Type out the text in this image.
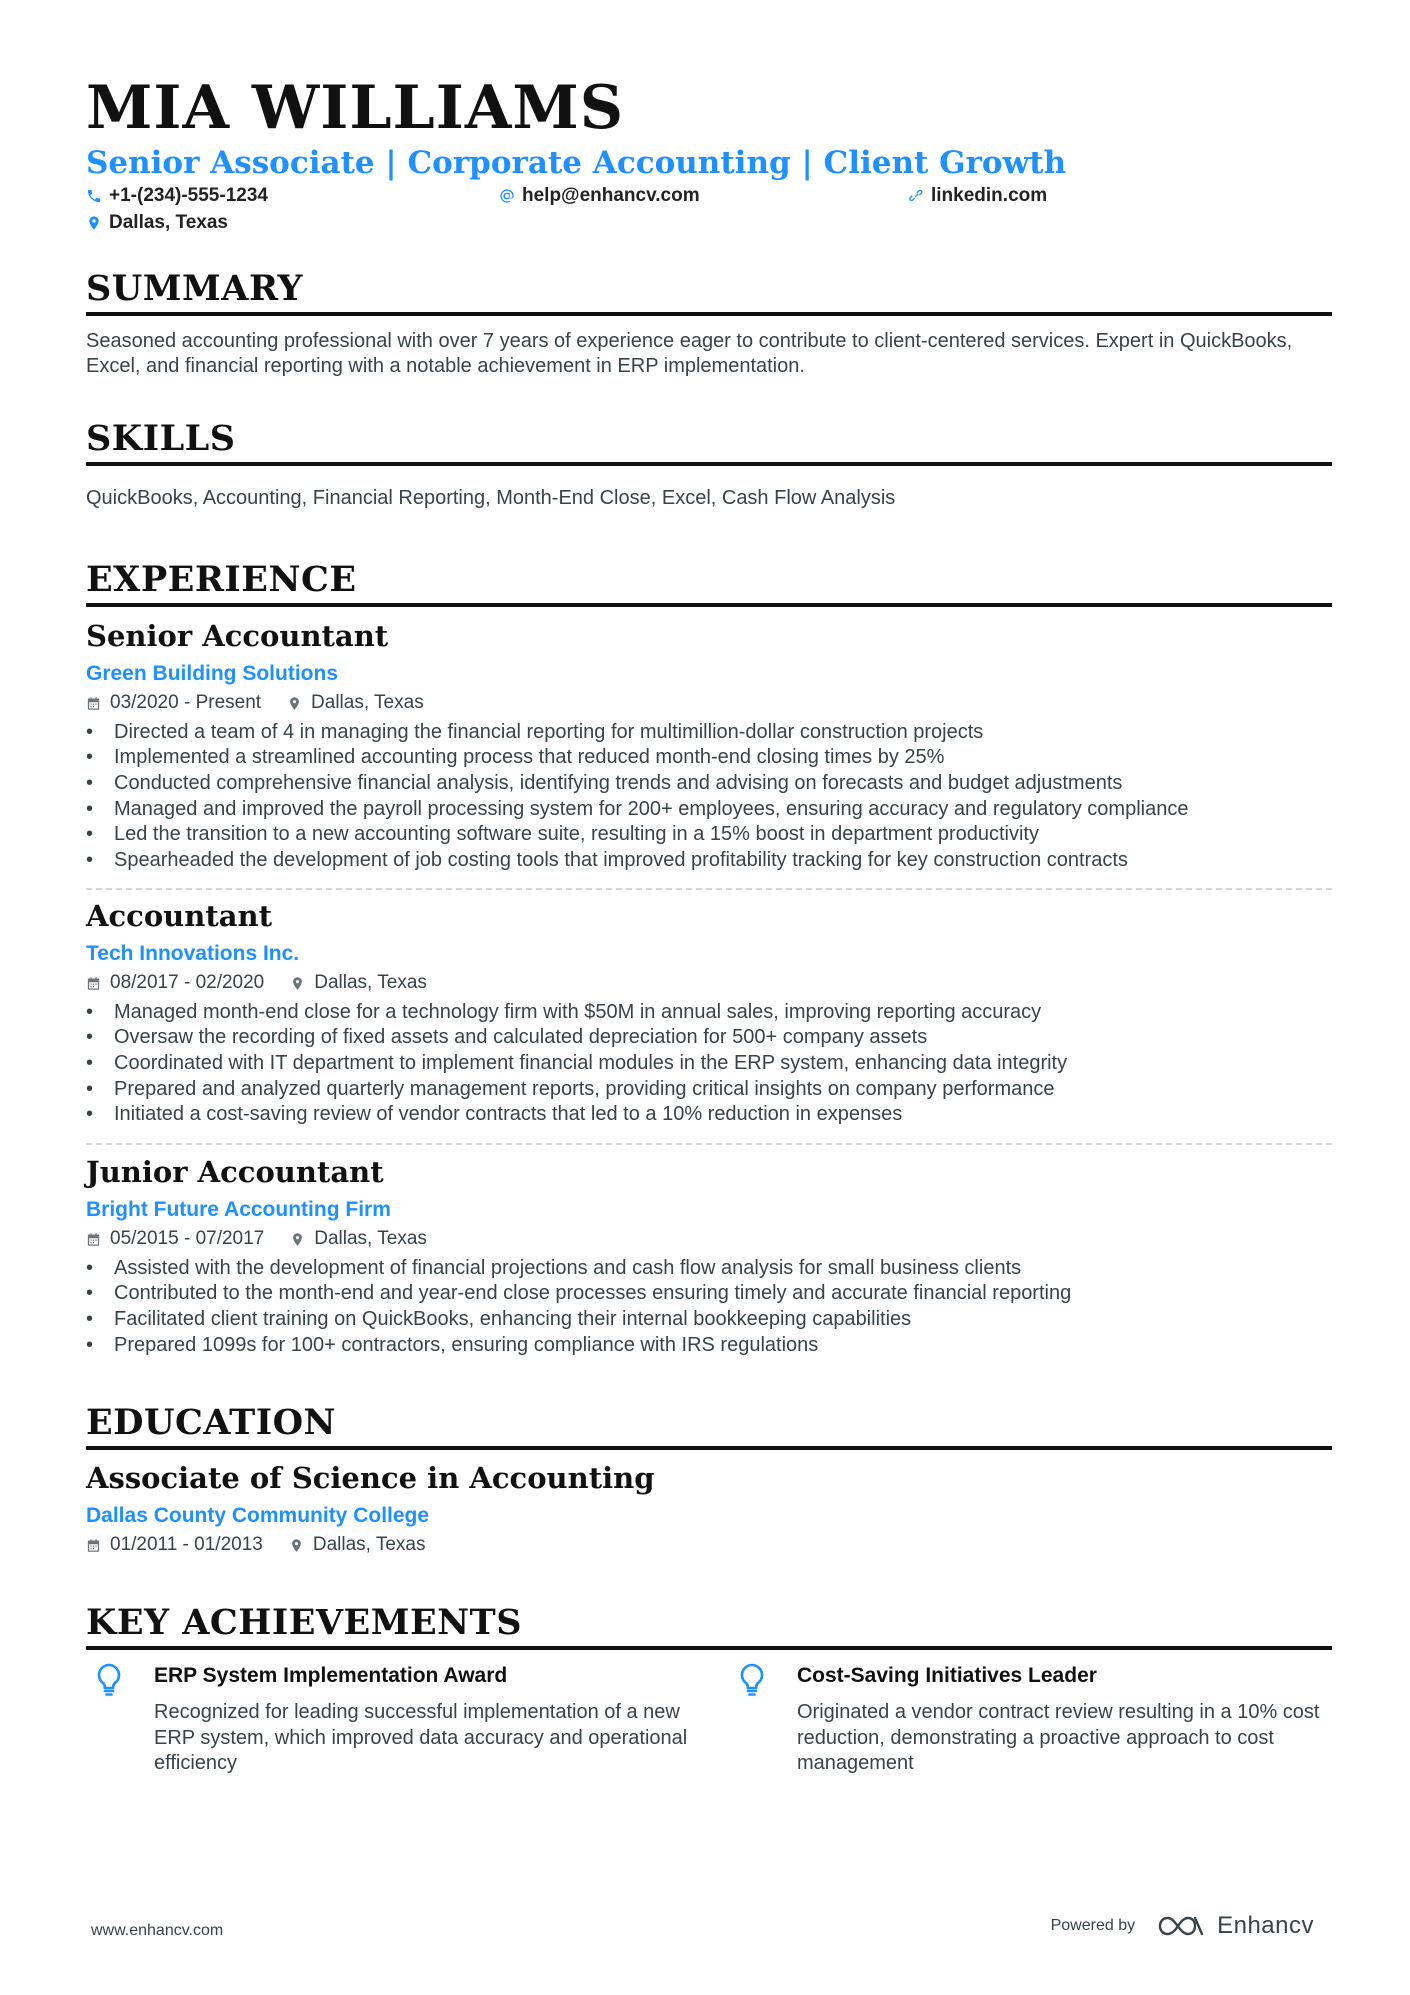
MIA WILLIAMS
Senior Associate | Corporate Accounting | Client Growth
+1-(234)-555-1234	help@enhancv.com	linkedin.com
Dallas, Texas
SUMMARY

Seasoned accounting professional with over 7 years of experience eager to contribute to client-centered services. Expert in QuickBooks, Excel, and financial reporting with a notable achievement in ERP implementation.

SKILLS

QuickBooks, Accounting, Financial Reporting, Month-End Close, Excel, Cash Flow Analysis

EXPERIENCE
Senior Accountant
Green Building Solutions
03/2020 - Present	Dallas, Texas
• Directed a team of 4 in managing the financial reporting for multimillion-dollar construction projects
• Implemented a streamlined accounting process that reduced month-end closing times by 25%
• Conducted comprehensive financial analysis, identifying trends and advising on forecasts and budget adjustments
• Managed and improved the payroll processing system for 200+ employees, ensuring accuracy and regulatory compliance
• Led the transition to a new accounting software suite, resulting in a 15% boost in department productivity
• Spearheaded the development of job costing tools that improved profitability tracking for key construction contracts
Accountant
Tech Innovations Inc.
08/2017 - 02/2020	Dallas, Texas
• Managed month-end close for a technology firm with $50M in annual sales, improving reporting accuracy
• Oversaw the recording of fixed assets and calculated depreciation for 500+ company assets
• Coordinated with IT department to implement financial modules in the ERP system, enhancing data integrity
• Prepared and analyzed quarterly management reports, providing critical insights on company performance
• Initiated a cost-saving review of vendor contracts that led to a 10% reduction in expenses
Junior Accountant
Bright Future Accounting Firm
05/2015 - 07/2017	Dallas, Texas
• Assisted with the development of financial projections and cash flow analysis for small business clients
• Contributed to the month-end and year-end close processes ensuring timely and accurate financial reporting
• Facilitated client training on QuickBooks, enhancing their internal bookkeeping capabilities
• Prepared 1099s for 100+ contractors, ensuring compliance with IRS regulations
EDUCATION
Associate of Science in Accounting
Dallas County Community College
01/2011 - 01/2013	Dallas, Texas
KEY ACHIEVEMENTS
ERP System Implementation Award

Recognized for leading successful implementation of a new ERP system, which improved data accuracy and operational efficiency

Cost-Saving Initiatives Leader

Originated a vendor contract review resulting in a 10% cost reduction, demonstrating a proactive approach to cost management

www.enhancv.com	Powered by	Enhancv
